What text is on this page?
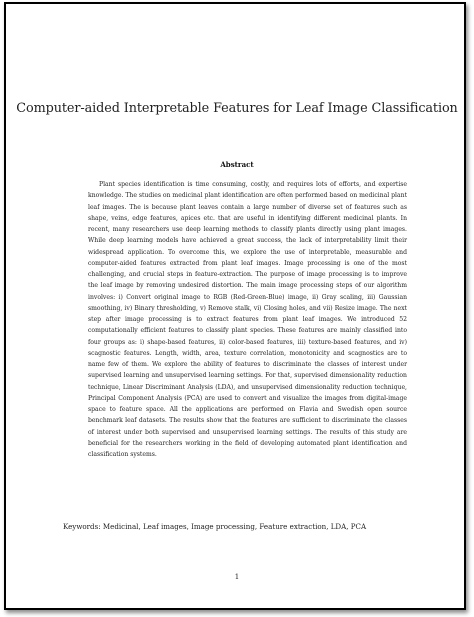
Computer-aided Interpretable Features for Leaf Image Classification
Abstract

Plant species identification is time consuming, costly, and requires lots of efforts, and expertise knowledge. The studies on medicinal plant identification are often performed based on medicinal plant leaf images. The is because plant leaves contain a large number of diverse set of features such as shape, veins, edge features, apices etc. that are useful in identifying different medicinal plants. In recent, many researchers use deep learning methods to classify plants directly using plant images. While deep learning models have achieved a great success, the lack of interpretability limit their widespread application. To overcome this, we explore the use of interpretable, measurable and computer-aided features extracted from plant leaf images. Image processing is one of the most challenging, and crucial steps in feature-extraction. The purpose of image processing is to improve the leaf image by removing undesired distortion. The main image processing steps of our algorithm involves: i) Convert original image to RGB (Red-Green-Blue) image, ii) Gray scaling, iii) Gaussian smoothing, iv) Binary thresholding, v) Remove stalk, vi) Closing holes, and vii) Resize image. The next step after image processing is to extract features from plant leaf images. We introduced 52 computationally efficient features to classify plant species. These features are mainly classified into four groups as: i) shape-based features, ii) color-based features, iii) texture-based features, and iv) scagnostic features. Length, width, area, texture correlation, monotonicity and scagnostics are to name few of them. We explore the ability of features to discriminate the classes of interest under supervised learning and unsupervised learning settings. For that, supervised dimensionality reduction technique, Linear Discriminant Analysis (LDA), and unsupervised dimensionality reduction technique, Principal Component Analysis (PCA) are used to convert and visualize the images from digital-image space to feature space. All the applications are performed on Flavia and Swedish open source benchmark leaf datasets. The results show that the features are sufficient to discriminate the classes of interest under both supervised and unsupervised learning settings. The results of this study are beneficial for the researchers working in the field of developing automated plant identification and classification systems.

Keywords: Medicinal, Leaf images, Image processing, Feature extraction, LDA, PCA
1
